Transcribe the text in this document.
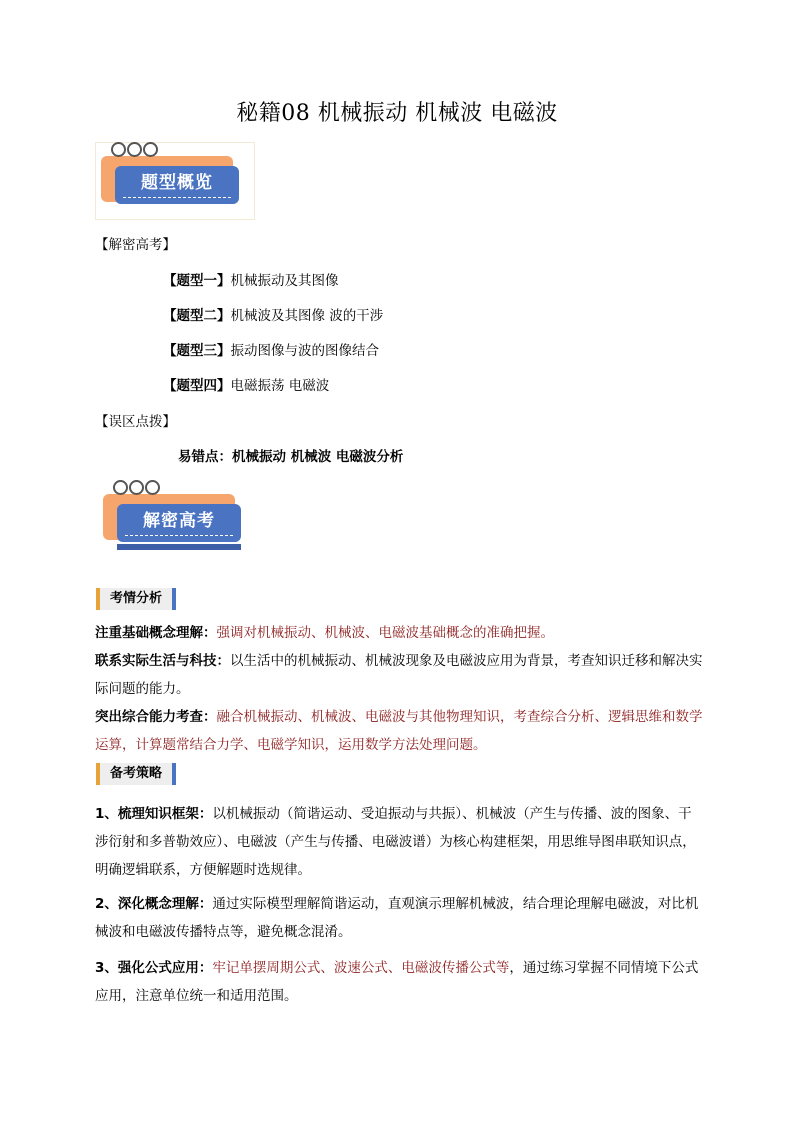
秘籍08 机械振动 机械波 电磁波
题型概览
【解密高考】
【题型一】机械振动及其图像
【题型二】机械波及其图像 波的干涉
【题型三】振动图像与波的图像结合
【题型四】电磁振荡 电磁波
【误区点拨】
易错点：机械振动 机械波 电磁波分析
解密高考
考情分析
注重基础概念理解：强调对机械振动、机械波、电磁波基础概念的准确把握。
联系实际生活与科技：以生活中的机械振动、机械波现象及电磁波应用为背景，考查知识迁移和解决实际问题的能力。
突出综合能力考查：融合机械振动、机械波、电磁波与其他物理知识，考查综合分析、逻辑思维和数学运算，计算题常结合力学、电磁学知识，运用数学方法处理问题。
备考策略
1、梳理知识框架：以机械振动（简谐运动、受迫振动与共振）、机械波（产生与传播、波的图象、干涉衍射和多普勒效应）、电磁波（产生与传播、电磁波谱）为核心构建框架，用思维导图串联知识点，明确逻辑联系，方便解题时选规律。
2、深化概念理解：通过实际模型理解简谐运动，直观演示理解机械波，结合理论理解电磁波，对比机械波和电磁波传播特点等，避免概念混淆。
3、强化公式应用：牢记单摆周期公式、波速公式、电磁波传播公式等，通过练习掌握不同情境下公式应用，注意单位统一和适用范围。
